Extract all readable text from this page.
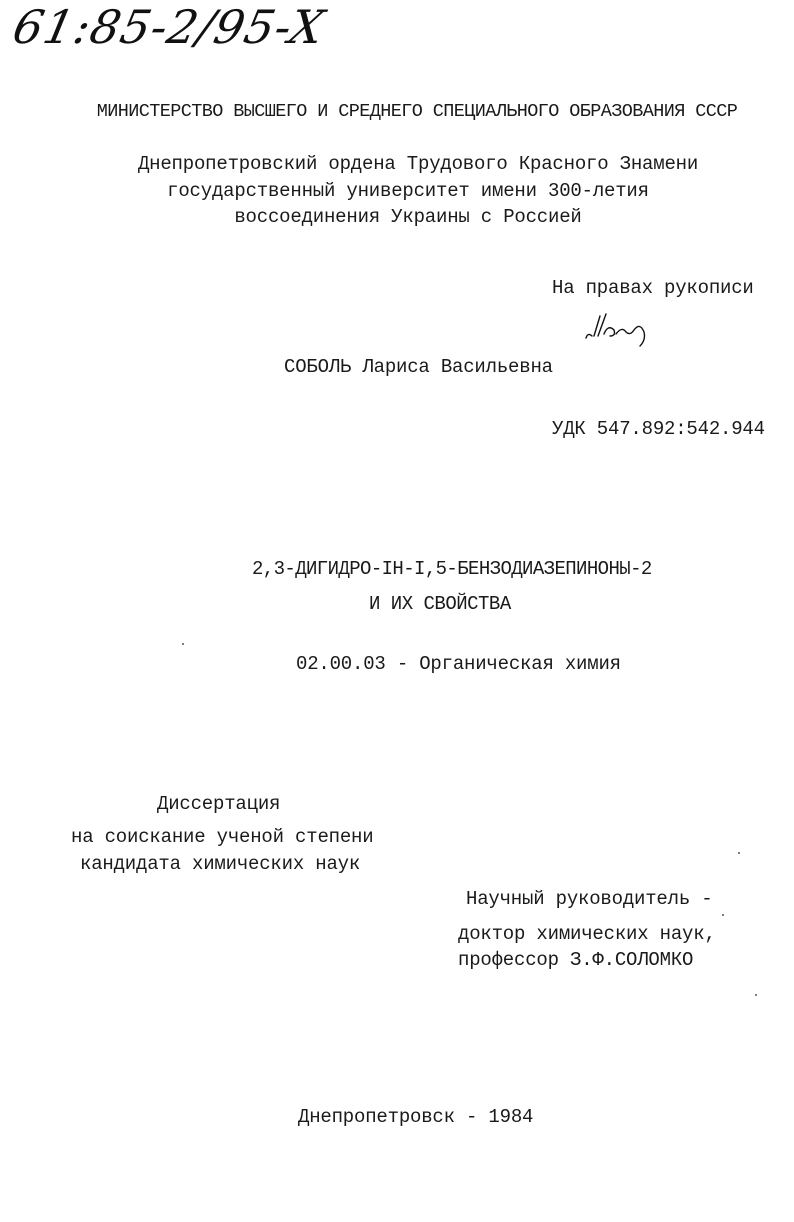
61:85-2/95-X
МИНИСТЕРСТВО ВЫСШЕГО И СРЕДНЕГО СПЕЦИАЛЬНОГО ОБРАЗОВАНИЯ СССР
Днепропетровский ордена Трудового Красного Знамени
государственный университет имени 300-летия
воссоединения Украины с Россией
На правах рукописи
СОБОЛЬ Лариса Васильевна
УДК 547.892:542.944
2,3-ДИГИДРО-IH-I,5-БЕНЗОДИАЗЕПИНОНЫ-2
И ИХ СВОЙСТВА
02.00.03 - Органическая химия
Диссертация
на соискание ученой степени
кандидата химических наук
Научный руководитель -
доктор химических наук,
профессор З.Ф.СОЛОМКО
Днепропетровск - 1984
